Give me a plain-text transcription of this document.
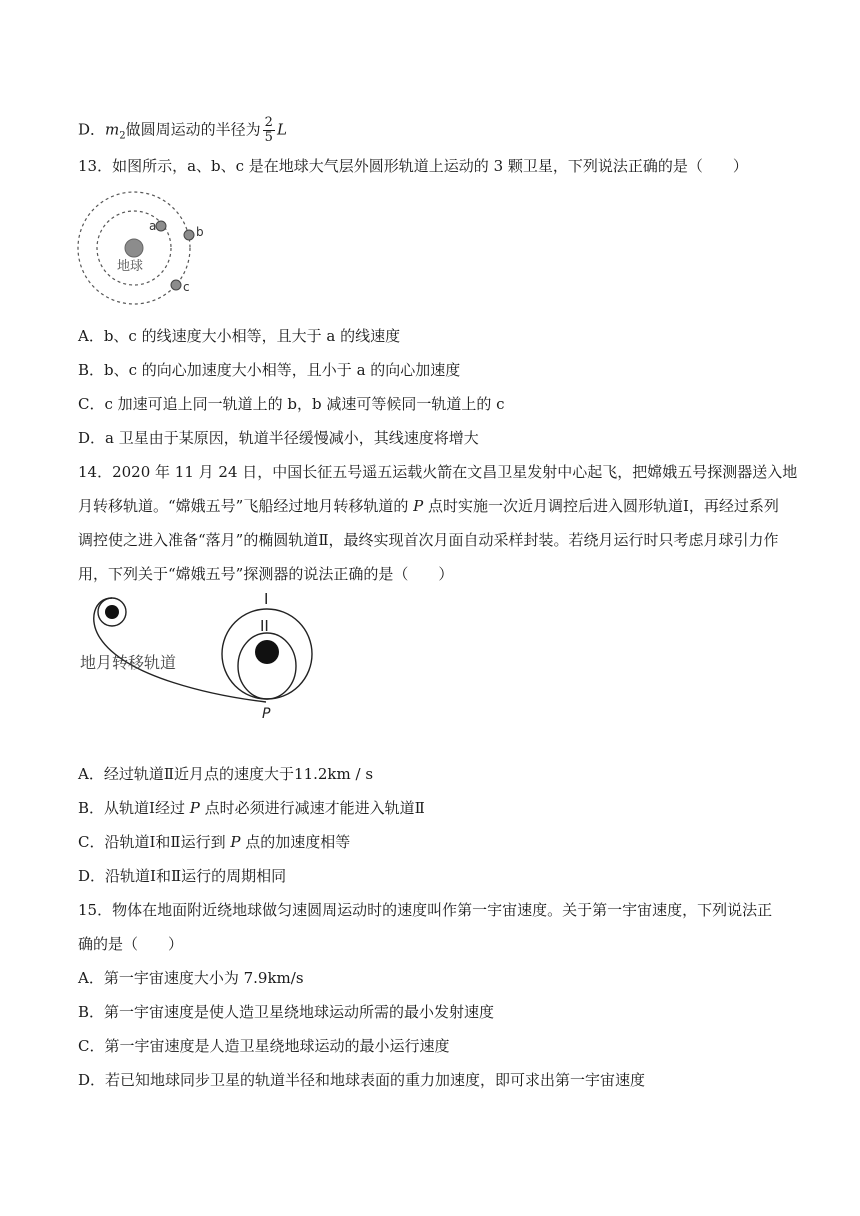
D．$m_2$做圆周运动的半径为 $\frac{2}{5}$ L
13．如图所示，a、b、c 是在地球大气层外圆形轨道上运动的 3 颗卫星，下列说法正确的是（　　）
地球
a	b
c
A．b、c 的线速度大小相等，且大于 a 的线速度
B．b、c 的向心加速度大小相等，且小于 a 的向心加速度
C．c 加速可追上同一轨道上的 b，b 减速可等候同一轨道上的 c
D．a 卫星由于某原因，轨道半径缓慢减小，其线速度将增大
14．2020 年 11 月 24 日，中国长征五号遥五运载火箭在文昌卫星发射中心起飞，把嫦娥五号探测器送入地
月转移轨道。“嫦娥五号”飞船经过地月转移轨道的 P 点时实施一次近月调控后进入圆形轨道Ⅰ，再经过系列
调控使之进入准备“落月”的椭圆轨道Ⅱ，最终实现首次月面自动采样封装。若绕月运行时只考虑月球引力作
用，下列关于“嫦娥五号”探测器的说法正确的是（　　）
I
II
P
地月转移轨道
A．经过轨道Ⅱ近月点的速度大于11.2km / s
B．从轨道Ⅰ经过 P 点时必须进行减速才能进入轨道Ⅱ
C．沿轨道Ⅰ和Ⅱ运行到 P 点的加速度相等
D．沿轨道Ⅰ和Ⅱ运行的周期相同
15．物体在地面附近绕地球做匀速圆周运动时的速度叫作第一宇宙速度。关于第一宇宙速度，下列说法正
确的是（　　）
A．第一宇宙速度大小为 7.9km/s
B．第一宇宙速度是使人造卫星绕地球运动所需的最小发射速度
C．第一宇宙速度是人造卫星绕地球运动的最小运行速度
D．若已知地球同步卫星的轨道半径和地球表面的重力加速度，即可求出第一宇宙速度
